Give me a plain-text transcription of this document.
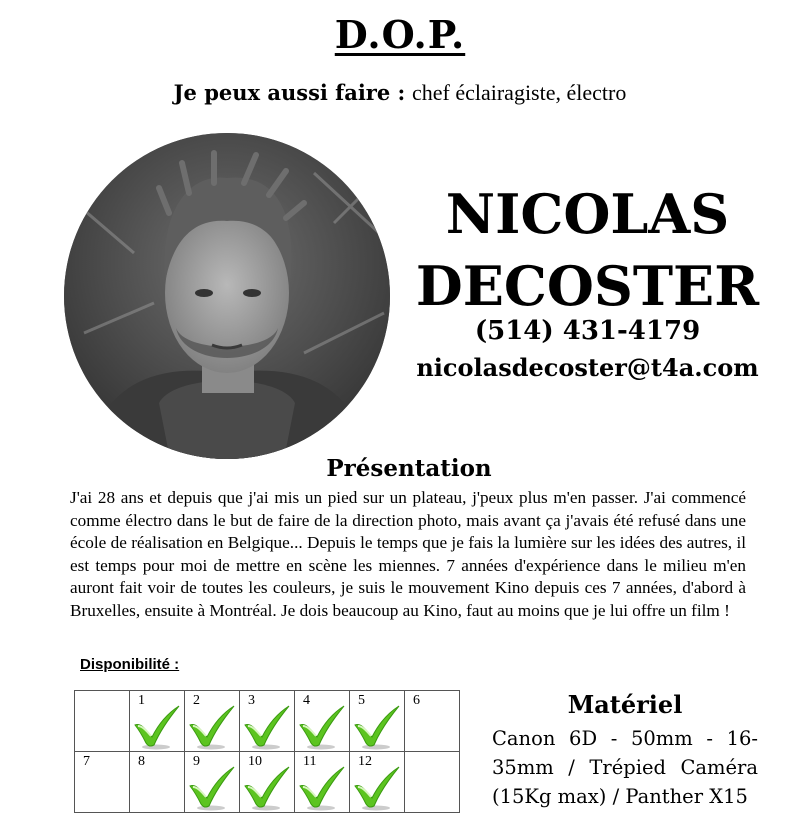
D.O.P.
Je peux aussi faire : chef éclairagiste, électro
NICOLAS DECOSTER
(514) 431-4179
nicolasdecoster@t4a.com
Présentation
J'ai 28 ans et depuis que j'ai mis un pied sur un plateau, j'peux plus m'en passer. J'ai commencé comme électro dans le but de faire de la direction photo, mais avant ça j'avais été refusé dans une école de réalisation en Belgique... Depuis le temps que je fais la lumière sur les idées des autres, il est temps pour moi de mettre en scène les miennes. 7 années d'expérience dans le milieu m'en auront fait voir de toutes les couleurs, je suis le mouvement Kino depuis ces 7 années, d'abord à Bruxelles, ensuite à Montréal. Je dois beaucoup au Kino, faut au moins que je lui offre un film !
Disponibilité :

	1	2	3	4	5	6

7	8	9	10	11	12	

Matériel
Canon 6D - 50mm - 16-35mm / Trépied Caméra (15Kg max) / Panther X15
